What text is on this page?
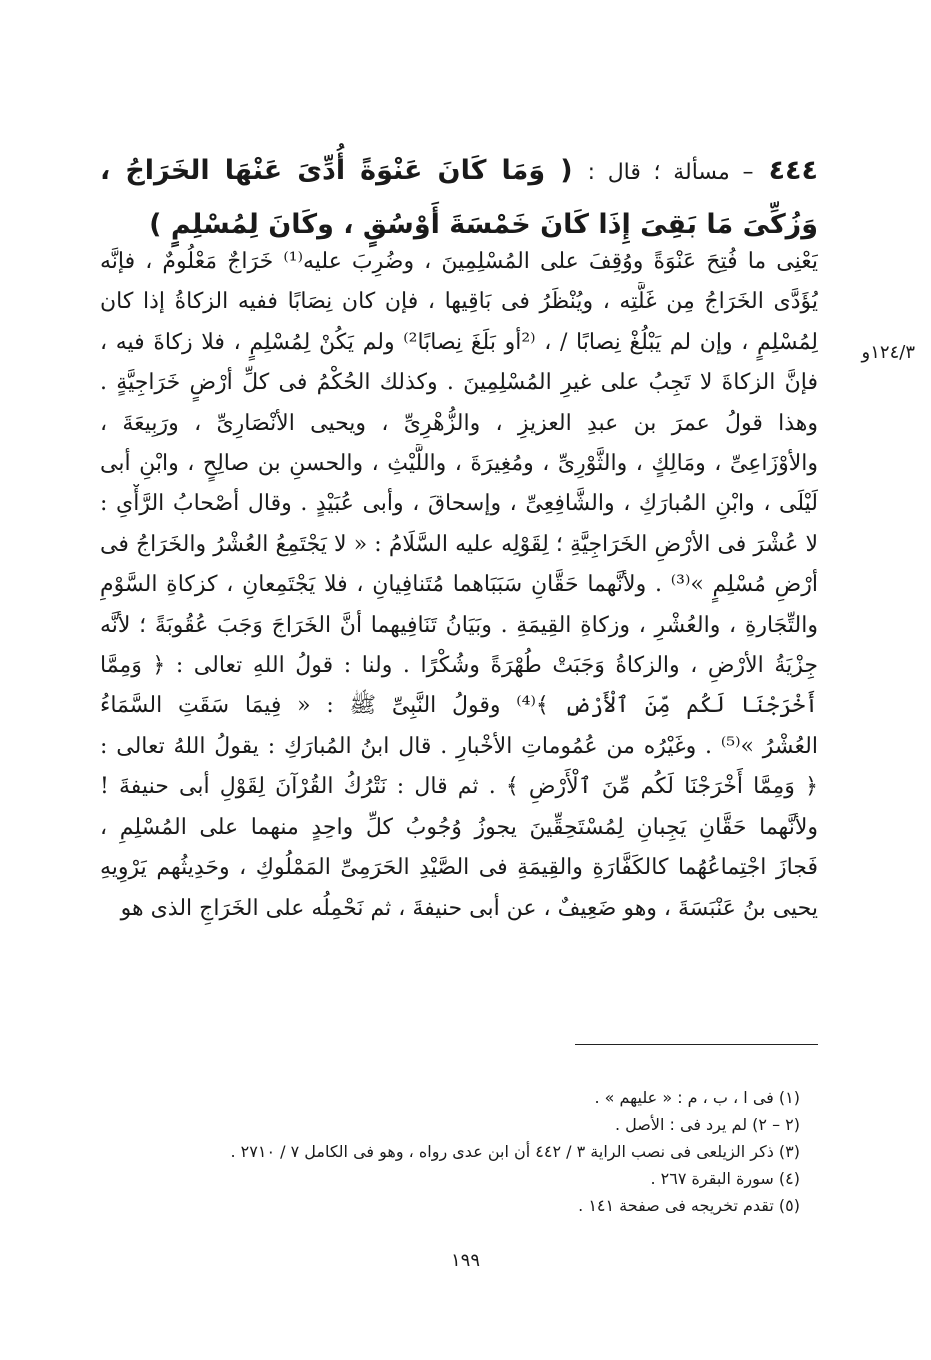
٤٤٤ – مسألة ؛ قال : ( وَمَا كَانَ عَنْوَةً أُدِّىَ عَنْهَا الخَرَاجُ ، وَزُكِّىَ مَا بَقِىَ إِذَا كَانَ خَمْسَةَ أَوْسُقٍ ، وكَانَ لِمُسْلِمٍ )
١٢٤/٣و
يَعْنِى ما فُتِحَ عَنْوَةً ووُقِفَ على المُسْلِمِينَ ، وضُرِبَ عليه⁽¹⁾ خَرَاجٌ مَعْلُومٌ ، فإنَّه
يُؤَدَّى الخَرَاجُ مِن غَلَّتِه ، ويُنْظَرُ فى بَاقِيها ، فإن كان نِصَابًا ففيه الزكاةُ إذا كان
لِمُسْلِمٍ ، وإن لم يَبْلُغْ نِصابًا / ، ⁽²أو بَلَغَ نِصابًا²⁾ ولم يَكُنْ لِمُسْلِمٍ ، فلا زكاةَ فيه ،
فإنَّ الزكاةَ لا تَجِبُ على غيرِ المُسْلِمِينَ . وكذلك الحُكْمُ فى كلِّ أرْضٍ خَرَاجِيَّةٍ .
وهذا قولُ عمرَ بن عبدِ العزيزِ ، والزُّهْرِىِّ ، ويحيى الأنْصَارِىِّ ، ورَبِيعَةَ ،
والأوْزَاعِىِّ ، ومَالِكٍ ، والثَّوْرِىِّ ، ومُغِيرَةَ ، واللَّيْثِ ، والحسنِ بن صالِحٍ ، وابْنِ أبى
لَيْلَى ، وابْنِ المُبارَكِ ، والشَّافِعِىِّ ، وإسحاقَ ، وأبى عُبَيْدٍ . وقال أصْحابُ الرَّأْىِ :
لا عُشْرَ فى الأرْضِ الخَرَاجِيَّةِ ؛ لِقَوْلِه عليه السَّلَامُ : « لا يَجْتَمِعُ العُشْرُ والخَرَاجُ فى
أرْضِ مُسْلِمٍ »⁽³⁾ . ولأنَّهما حَقَّانِ سَبَبَاهما مُتَنافِيانِ ، فلا يَجْتَمِعانِ ، كزكاةِ السَّوْمِ
والتِّجَارةِ ، والعُشْرِ ، وزكاةِ القِيمَةِ . وبَيَانُ تَنَافِيهما أنَّ الخَرَاجَ وَجَبَ عُقُوبَةً ؛ لأنَّه
جِزْيَةُ الأرْضِ ، والزكاةُ وَجَبَتْ طُهْرَةً وشُكْرًا . ولنا : قولُ اللهِ تعالى : ﴿ وَمِمَّا
أَخْرَجْنَا لَكُم مِّنَ ٱلْأَرْضِ ﴾⁽⁴⁾ وقولُ النَّبِىِّ ﷺ : « فِيمَا سَقَتِ السَّمَاءُ
العُشْرُ »⁽⁵⁾ . وغَيْرُه من عُمُوماتِ الأخْبارِ . قال ابنُ المُبارَكِ : يقولُ اللهُ تعالى :
﴿ وَمِمَّا أَخْرَجْنَا لَكُم مِّنَ ٱلْأَرْضِ ﴾ . ثم قال : نَتْرُكُ القُرْآنَ لِقَوْلِ أبى حنيفةَ !
ولأنَّهما حَقَّانِ يَجِبانِ لِمُسْتَحِقِّينَ يجوزُ وُجُوبُ كلِّ واحِدٍ منهما على المُسْلِمِ ،
فَجازَ اجْتِماعُهُما كالكَفَّارَةِ والقِيمَةِ فى الصَّيْدِ الحَرَمِىِّ المَمْلُوكِ ، وحَدِيثُهم يَرْوِيهِ
يحيى بنُ عَنْبَسَةَ ، وهو ضَعِيفٌ ، عن أبى حنيفةَ ، ثم نَحْمِلُه على الخَرَاجِ الذى هو
(١) فى ا ، ب ، م : « عليهم » .
(٢ – ٢) لم يرد فى : الأصل .
(٣) ذكر الزيلعى فى نصب الراية ٣ / ٤٤٢ أن ابن عدى رواه ، وهو فى الكامل ٧ / ٢٧١٠ .
(٤) سورة البقرة ٢٦٧ .
(٥) تقدم تخريجه فى صفحة ١٤١ .
١٩٩
